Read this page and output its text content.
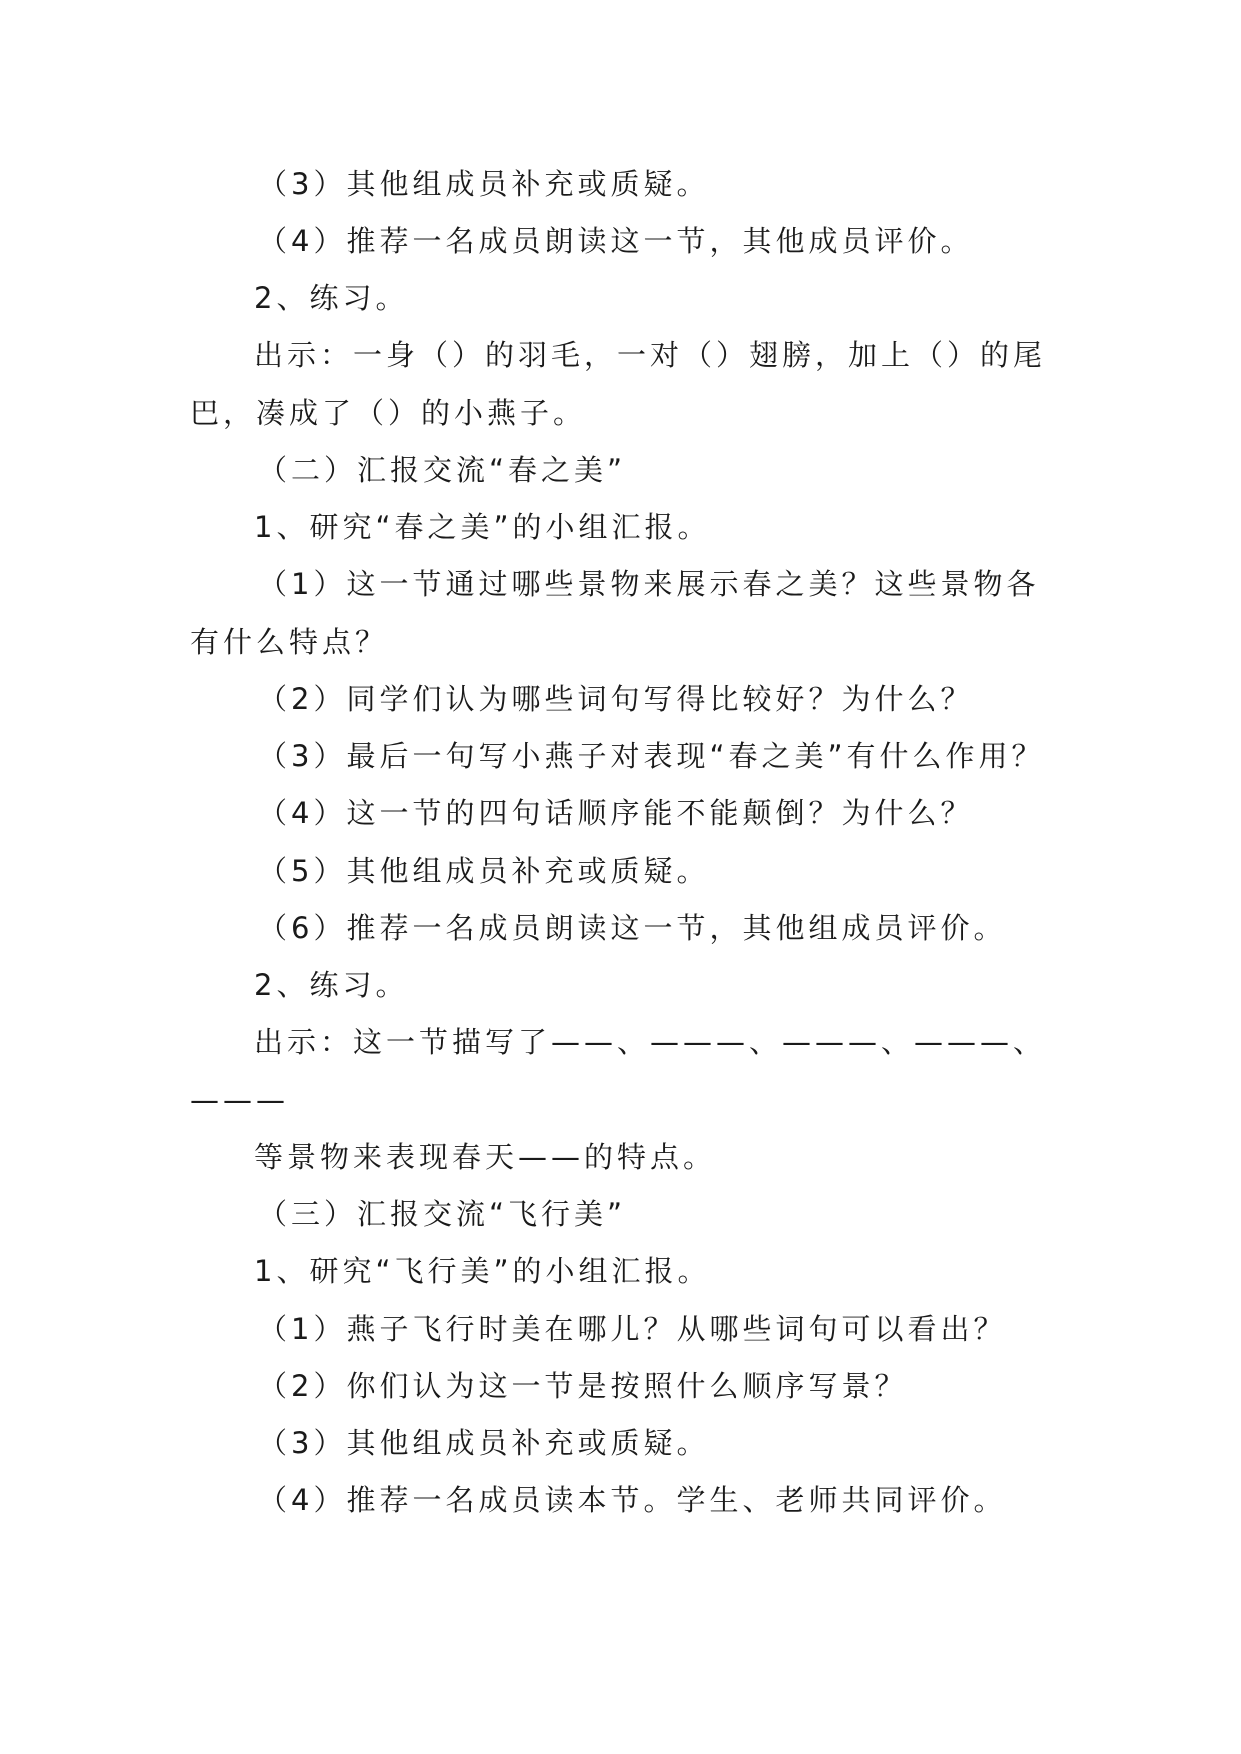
（3）其他组成员补充或质疑。
（4）推荐一名成员朗读这一节，其他成员评价。
2、练习。
出示：一身（）的羽毛，一对（）翅膀，加上（）的尾
巴，凑成了（）的小燕子。
（二）汇报交流“春之美”
1、研究“春之美”的小组汇报。
（1）这一节通过哪些景物来展示春之美？这些景物各
有什么特点？
（2）同学们认为哪些词句写得比较好？为什么？
（3）最后一句写小燕子对表现“春之美”有什么作用？
（4）这一节的四句话顺序能不能颠倒？为什么？
（5）其他组成员补充或质疑。
（6）推荐一名成员朗读这一节，其他组成员评价。
2、练习。
出示：这一节描写了——、———、———、———、
———
等景物来表现春天——的特点。
（三）汇报交流“飞行美”
1、研究“飞行美”的小组汇报。
（1）燕子飞行时美在哪儿？从哪些词句可以看出？
（2）你们认为这一节是按照什么顺序写景？
（3）其他组成员补充或质疑。
（4）推荐一名成员读本节。学生、老师共同评价。
